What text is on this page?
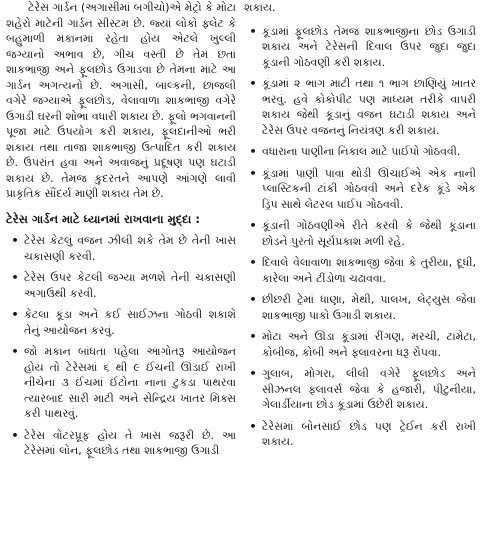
ટેરેસ ગાર્ડન (અગાસીમાં બગીચો)એ મેટ્રો કે મોટા શહેરો માટેની ગાર્ડન સીસ્ટમ છે. જ્યાં લોકો ફ્લેટ કે બહુમાળી મકાનમાં રહેતા હોય એટલે ખુલ્લી જગ્યાનો અભાવ છે, ગીચ વસ્તી છે તેમ છતાં શાકભાજી અને ફૂલછોડ ઉગાડવા છે તેમના માટે આ ગાર્ડન અગત્યનો છે. અગાસી, બાલ્કની, છાજલી વગેરે જગ્યાએ ફૂલછોડ, વેલાવાળા શાકભાજી વગેરે ઉગાડી ઘરની શોભા વધારી શકાય છે. ફૂલો ભગવાનની પૂજા માટે ઉપયોગ કરી શકાય, ફૂલદાનીઓ ભરી શકાય તથા તાજા શાકભાજી ઉત્પાદિત કરી શકાય છે. ઉપરાંત હવા અને અવાજનું પ્રદૂષણ પણ ઘટાડી શકાય છે. તેમજ કુદરતને આપણે આંગણે લાવી પ્રાકૃતિક સૌંદર્ય માણી શકાય તેમ છે.

ટેરેસ ગાર્ડન માટે ધ્યાનમાં રાખવાના મુદ્દા :
• ટેરેસ કેટલું વજન ઝીલી શકે તેમ છે તેની ખાસ ચકાસણી કરવી.
• ટેરેસ ઉપર કેટલી જગ્યા મળશે તેની ચકાસણી અગાઉથી કરવી.
• કેટલા કૂંડા અને કઈ સાઈઝના ગોઠવી શકાશે તેનું આયોજન કરવું.
• જો મકાન બાંધતા પહેલા આગોતરૂ આયોજન હોય તો ટેરેસમાં ૬ થી ૯ ઈંચની ઊંડાઈ રાખી નીચેના ૩ ઈંચમાં ઈંટોના નાના ટુકડા પાથરવા ત્યારબાદ સારી માટી અને સેન્દ્રિય ખાતર મિક્સ કરી પાથરવું.
• ટેરેસ વોટરપ્રૂફ હોય તે ખાસ જરૂરી છે. આ ટેરેસમાં લોન, ફૂલછોડ તથા શાકભાજી ઉગાડી
શકાય.
• કૂંડામાં ફૂલછોડ તેમજ શાકભાજીના છોડ ઉગાડી શકાય અને ટેરેસની દિવાલ ઉપર જુદા જુદા કૂંડાની ગોઠવણી કરી શકાય.
• કૂંડામાં ૨ ભાગ માટી તથા ૧ ભાગ છાણિયું ખાતર ભરવું. હવે કોકોપીટ પણ માધ્યમ તરીકે વાપરી શકાય જેથી કૂંડાનું વજન ઘટાડી શકાય અને ટેરેસ ઉપર વજનનું નિયંત્રણ કરી શકાય.
• વધારાના પાણીના નિકાલ માટે પાઈપો ગોઠવવી.
• કૂંડામાં પાણી પાવા થોડી ઊંચાઈએ એક નાની પ્લાસ્ટિકની ટાંકી ગોઠવવી અને દરેક કૂંડે એક ડ્રિપ સાથે લેટરલ પાઈપ ગોઠવવી.
• કૂંડાની ગોઠવણીએ રીતે કરવી કે જેથી કૂંડાના છોડને પુરતો સૂર્યપ્રકાશ મળી રહે.
• દિવાલે વેલાવાળા શાકભાજી જેવા કે તુરીયા, દૂધી, કારેલા અને ટીંડોળા ચઢાવવા.
• છીછરી ટ્રેમાં ધાણા, મેથી, પાલખ, લેટ્યુસ જેવા શાકભાજી પાકો ઉગાડી શકાય.
• મોટા અને ઊંડા કૂંડામાં રીંગણ, મરચી, ટામેટા, કોબીજ, કોબી અને ફ્લાવરના ધરૂ રોપવા.
• ગુલાબ, મોગરા, લીલી વગેરે ફૂલછોડ અને સીઝનલ ફ્લાવર્સ જેવા કે હજારી, પીટુનીયા, ગેલાર્ડીયાના છોડ કૂંડામાં ઉછેરી શકાય.
• ટેરેસમાં બોનસાઈ છોડ પણ ટ્રેઈન કરી રાખી શકાય.
